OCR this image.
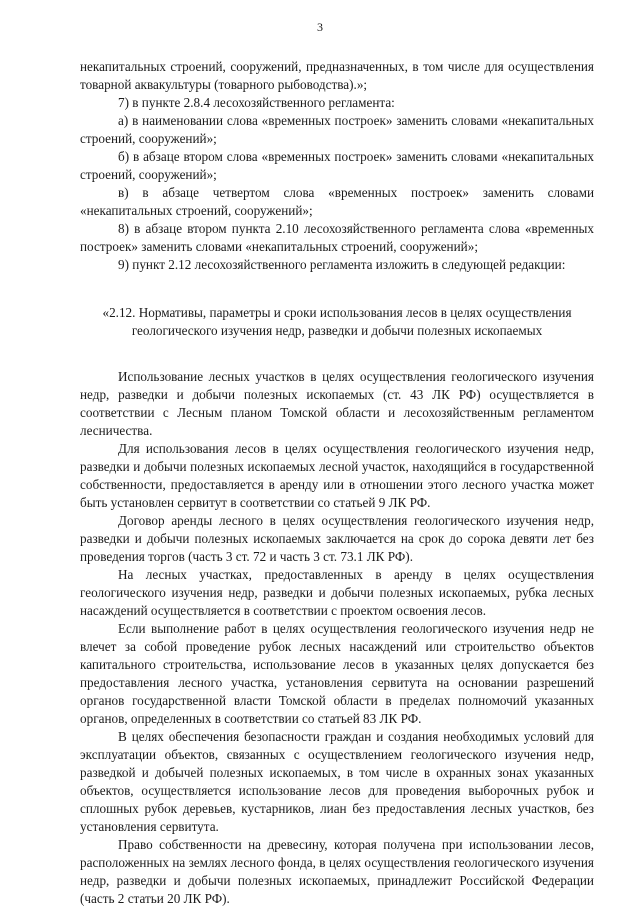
3

некапитальных строений, сооружений, предназначенных, в том числе для осуществления товарной аквакультуры (товарного рыбоводства).»;

7) в пункте 2.8.4 лесохозяйственного регламента:

а) в наименовании слова «временных построек» заменить словами «некапитальных строений, сооружений»;

б) в абзаце втором слова «временных построек» заменить словами «некапитальных строений, сооружений»;

в) в абзаце четвертом слова «временных построек» заменить словами «некапитальных строений, сооружений»;

8) в абзаце втором пункта 2.10 лесохозяйственного регламента слова «временных построек» заменить словами «некапитальных строений, сооружений»;

9) пункт 2.12 лесохозяйственного регламента изложить в следующей редакции:

«2.12. Нормативы, параметры и сроки использования лесов в целях осуществления геологического изучения недр, разведки и добычи полезных ископаемых

Использование лесных участков в целях осуществления геологического изучения недр, разведки и добычи полезных ископаемых (ст. 43 ЛК РФ) осуществляется в соответствии с Лесным планом Томской области и лесохозяйственным регламентом лесничества.

Для использования лесов в целях осуществления геологического изучения недр, разведки и добычи полезных ископаемых лесной участок, находящийся в государственной собственности, предоставляется в аренду или в отношении этого лесного участка может быть установлен сервитут в соответствии со статьей 9 ЛК РФ.

Договор аренды лесного в целях осуществления геологического изучения недр, разведки и добычи полезных ископаемых заключается на срок до сорока девяти лет без проведения торгов (часть 3 ст. 72 и часть 3 ст. 73.1 ЛК РФ).

На лесных участках, предоставленных в аренду в целях осуществления геологического изучения недр, разведки и добычи полезных ископаемых, рубка лесных насаждений осуществляется в соответствии с проектом освоения лесов.

Если выполнение работ в целях осуществления геологического изучения недр не влечет за собой проведение рубок лесных насаждений или строительство объектов капитального строительства, использование лесов в указанных целях допускается без предоставления лесного участка, установления сервитута на основании разрешений органов государственной власти Томской области в пределах полномочий указанных органов, определенных в соответствии со статьей 83 ЛК РФ.

В целях обеспечения безопасности граждан и создания необходимых условий для эксплуатации объектов, связанных с осуществлением геологического изучения недр, разведкой и добычей полезных ископаемых, в том числе в охранных зонах указанных объектов, осуществляется использование лесов для проведения выборочных рубок и сплошных рубок деревьев, кустарников, лиан без предоставления лесных участков, без установления сервитута.

Право собственности на древесину, которая получена при использовании лесов, расположенных на землях лесного фонда, в целях осуществления геологического изучения недр, разведки и добычи полезных ископаемых, принадлежит Российской Федерации (часть 2 статьи 20 ЛК РФ).
